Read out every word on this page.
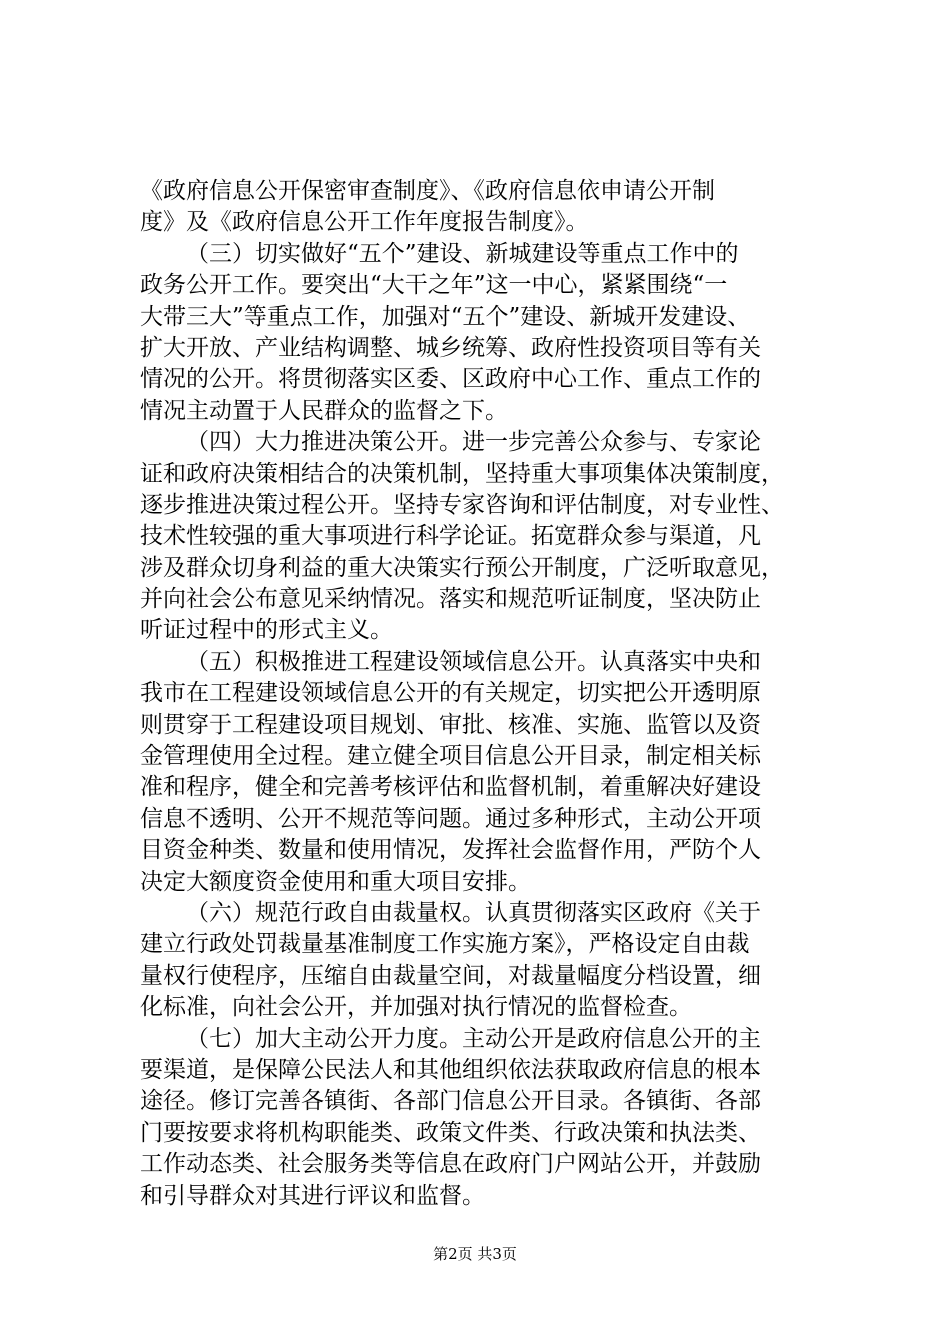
《政府信息公开保密审查制度》、《政府信息依申请公开制
度》及《政府信息公开工作年度报告制度》。
（三）切实做好“五个”建设、新城建设等重点工作中的
政务公开工作。要突出“大干之年”这一中心，紧紧围绕“一
大带三大”等重点工作，加强对“五个”建设、新城开发建设、
扩大开放、产业结构调整、城乡统筹、政府性投资项目等有关
情况的公开。将贯彻落实区委、区政府中心工作、重点工作的
情况主动置于人民群众的监督之下。
（四）大力推进决策公开。进一步完善公众参与、专家论
证和政府决策相结合的决策机制，坚持重大事项集体决策制度，
逐步推进决策过程公开。坚持专家咨询和评估制度，对专业性、
技术性较强的重大事项进行科学论证。拓宽群众参与渠道，凡
涉及群众切身利益的重大决策实行预公开制度，广泛听取意见，
并向社会公布意见采纳情况。落实和规范听证制度，坚决防止
听证过程中的形式主义。
（五）积极推进工程建设领域信息公开。认真落实中央和
我市在工程建设领域信息公开的有关规定，切实把公开透明原
则贯穿于工程建设项目规划、审批、核准、实施、监管以及资
金管理使用全过程。建立健全项目信息公开目录，制定相关标
准和程序，健全和完善考核评估和监督机制，着重解决好建设
信息不透明、公开不规范等问题。通过多种形式，主动公开项
目资金种类、数量和使用情况，发挥社会监督作用，严防个人
决定大额度资金使用和重大项目安排。
（六）规范行政自由裁量权。认真贯彻落实区政府《关于
建立行政处罚裁量基准制度工作实施方案》，严格设定自由裁
量权行使程序，压缩自由裁量空间，对裁量幅度分档设置，细
化标准，向社会公开，并加强对执行情况的监督检查。
（七）加大主动公开力度。主动公开是政府信息公开的主
要渠道，是保障公民法人和其他组织依法获取政府信息的根本
途径。修订完善各镇街、各部门信息公开目录。各镇街、各部
门要按要求将机构职能类、政策文件类、行政决策和执法类、
工作动态类、社会服务类等信息在政府门户网站公开，并鼓励
和引导群众对其进行评议和监督。
第2页 共3页
